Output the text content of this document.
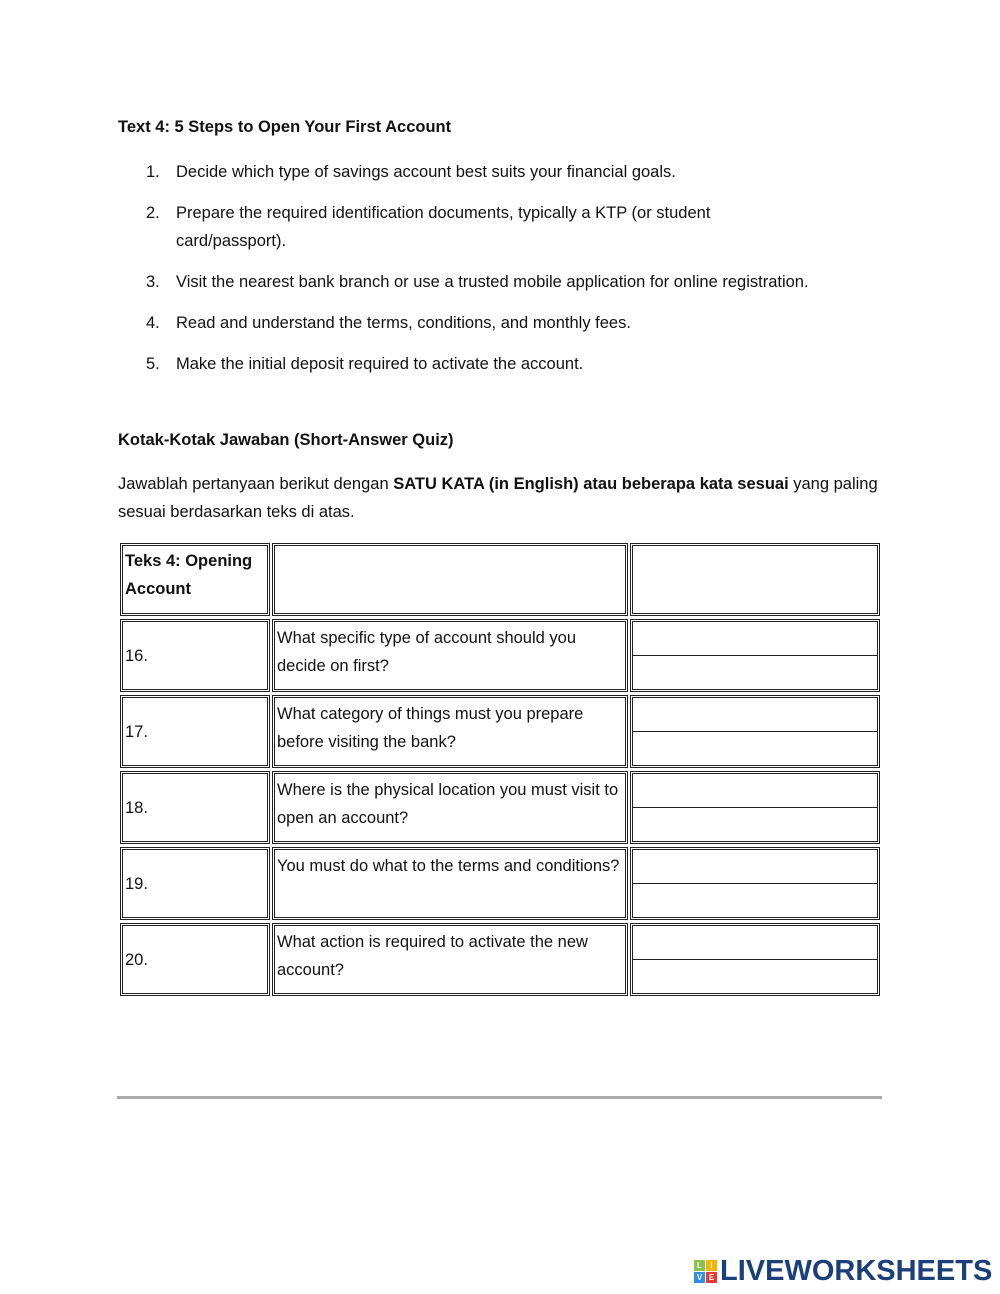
Text 4: 5 Steps to Open Your First Account
1. Decide which type of savings account best suits your financial goals.
2. Prepare the required identification documents, typically a KTP (or student card/passport).
3. Visit the nearest bank branch or use a trusted mobile application for online registration.
4. Read and understand the terms, conditions, and monthly fees.
5. Make the initial deposit required to activate the account.
Kotak-Kotak Jawaban (Short-Answer Quiz)
Jawablah pertanyaan berikut dengan SATU KATA (in English) atau beberapa kata sesuai yang paling sesuai berdasarkan teks di atas.
Teks 4: Opening Account
16.
What specific type of account should you decide on first?
17.
What category of things must you prepare before visiting the bank?
18.
Where is the physical location you must visit to open an account?
19.
You must do what to the terms and conditions?
20.
What action is required to activate the new account?
L	I
V E LIVEWORKSHEETS
